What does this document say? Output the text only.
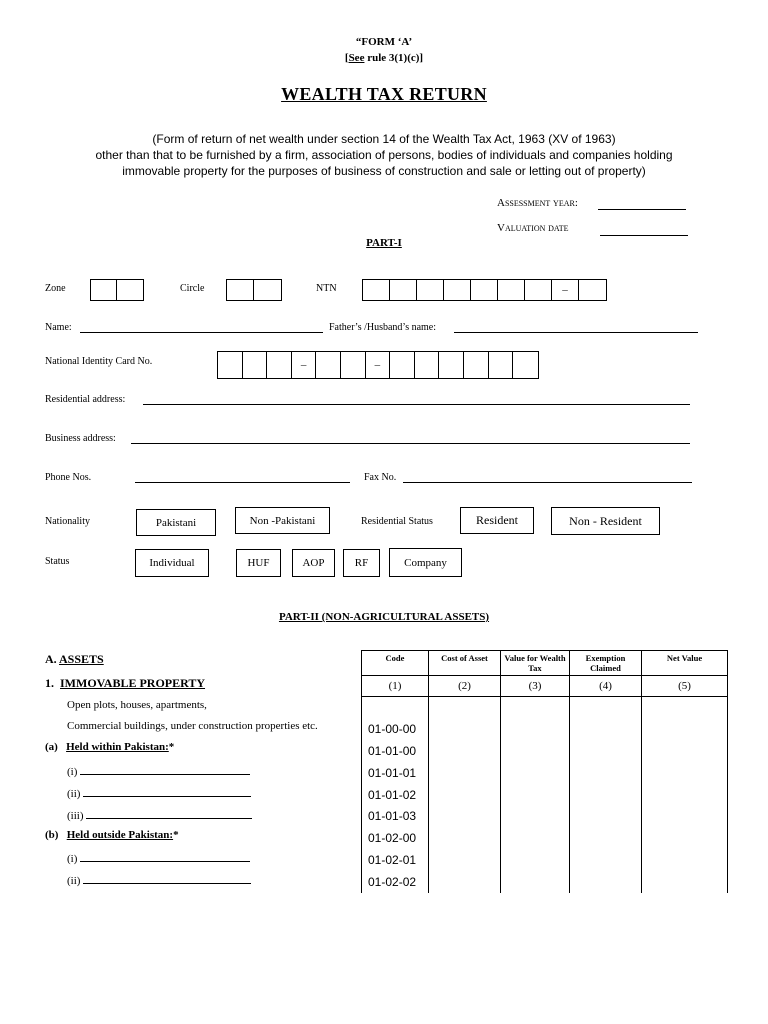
“FORM ‘A’
[See rule 3(1)(c)]
WEALTH TAX RETURN
(Form of return of net wealth under section 14 of the Wealth Tax Act, 1963 (XV of 1963)
other than that to be furnished by a firm, association of persons, bodies of individuals and companies holding
immovable property for the purposes of business of construction and sale or letting out of property)
Assessment year:
Valuation date
PART-I
Zone	Circle	NTN	–
Name:	Father’s /Husband’s name:
National Identity Card No.	–	–
Residential address:
Business address:
Phone Nos.	Fax No.
Nationality	Pakistani	Non -Pakistani	Residential Status	Resident	Non - Resident
Status	Individual	HUF	AOP	RF	Company
PART-II (NON-AGRICULTURAL ASSETS)
A. ASSETS
1. IMMOVABLE PROPERTY
Open plots, houses, apartments,
Commercial buildings, under construction properties etc.
(a) Held within Pakistan:*
(i)
(ii)
(iii)
(b) Held outside Pakistan:*
(i)
(ii)
Code	Cost of Asset	Value for Wealth Tax	Exemption Claimed	Net Value
(1)	(2)	(3)	(4)	(5)

01-00-00				
01-01-00				
01-01-01				
01-01-02				
01-01-03				
01-02-00				
01-02-01				
01-02-02				
